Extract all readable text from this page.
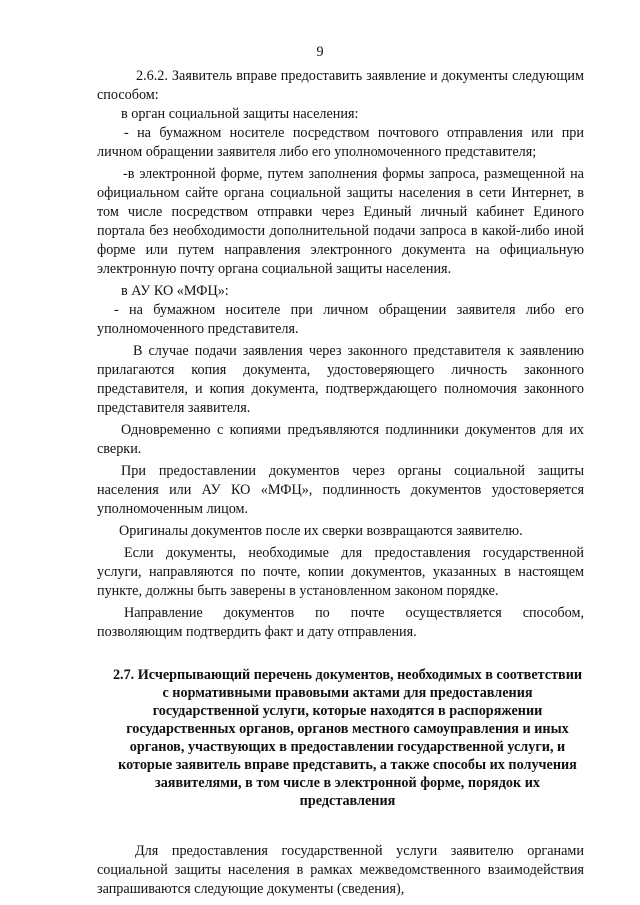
9

2.6.2. Заявитель вправе предоставить заявление и документы следующим способом:

в орган социальной защиты населения:

- на бумажном носителе посредством почтового отправления или при личном обращении заявителя либо его уполномоченного представителя;

-в электронной форме, путем заполнения формы запроса, размещенной на официальном сайте органа социальной защиты населения в сети Интернет, в том числе посредством отправки через Единый личный кабинет Единого портала без необходимости дополнительной подачи запроса в какой-либо иной форме или путем направления электронного документа на официальную электронную почту органа социальной защиты населения.

в АУ КО «МФЦ»:

- на бумажном носителе при личном обращении заявителя либо его уполномоченного представителя.

В случае подачи заявления через законного представителя к заявлению прилагаются копия документа, удостоверяющего личность законного представителя, и копия документа, подтверждающего полномочия законного представителя заявителя.

Одновременно с копиями предъявляются подлинники документов для их сверки.

При предоставлении документов через органы социальной защиты населения или АУ КО «МФЦ», подлинность документов удостоверяется уполномоченным лицом.

Оригиналы документов после их сверки возвращаются заявителю.

Если документы, необходимые для предоставления государственной услуги, направляются по почте, копии документов, указанных в настоящем пункте, должны быть заверены в установленном законом порядке.

Направление документов по почте осуществляется способом, позволяющим подтвердить факт и дату отправления.

2.7. Исчерпывающий перечень документов, необходимых в соответствии с нормативными правовыми актами для предоставления государственной услуги, которые находятся в распоряжении государственных органов, органов местного самоуправления и иных органов, участвующих в предоставлении государственной услуги, и которые заявитель вправе представить, а также способы их получения заявителями, в том числе в электронной форме, порядок их представления

Для предоставления государственной услуги заявителю органами социальной защиты населения в рамках межведомственного взаимодействия запрашиваются следующие документы (сведения),
